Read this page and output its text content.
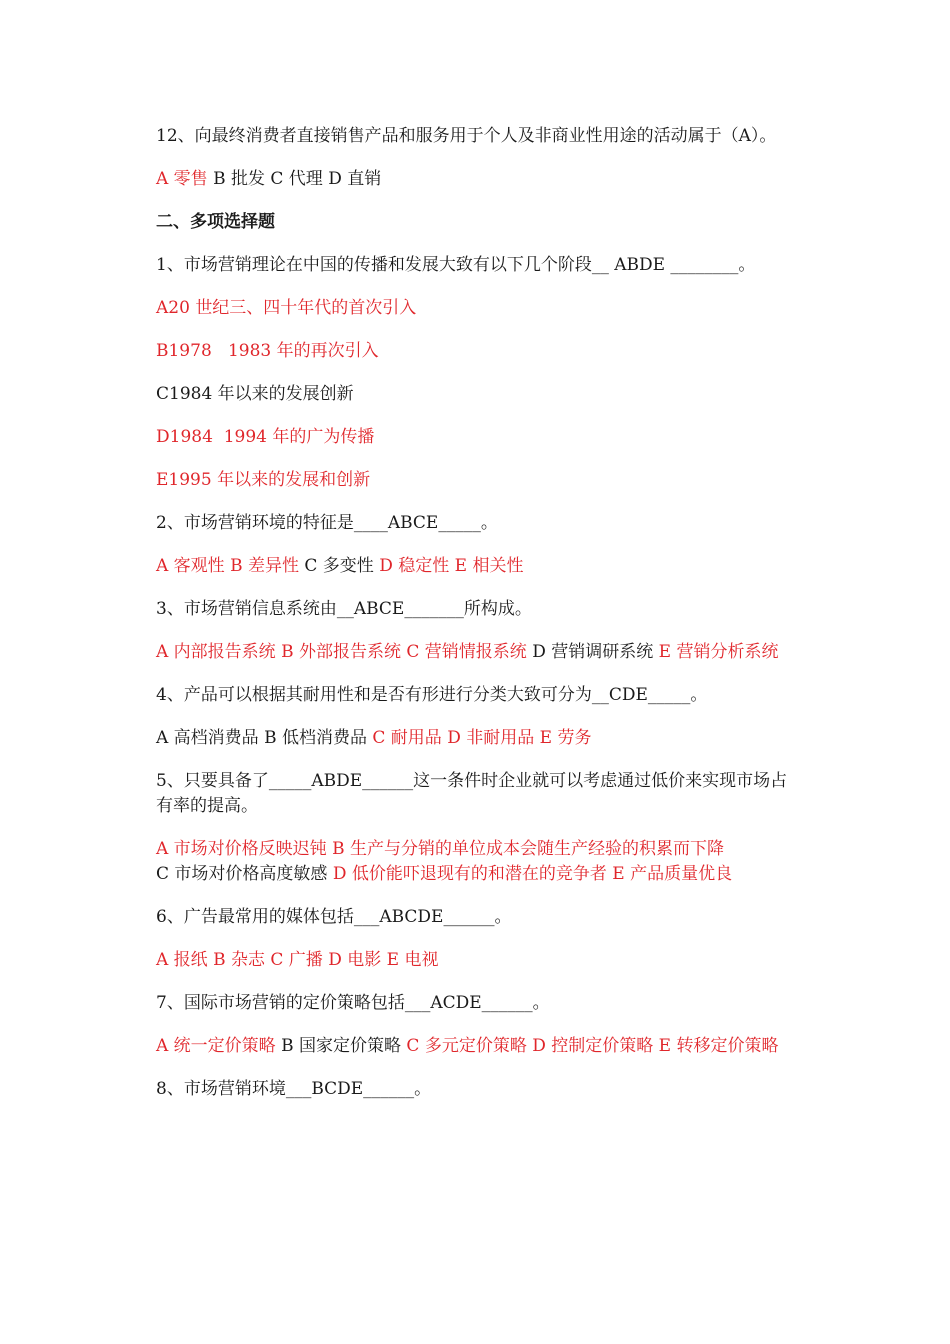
12、向最终消费者直接销售产品和服务用于个人及非商业性用途的活动属于（A）。
A 零售 B 批发 C 代理 D 直销
二、多项选择题
1、市场营销理论在中国的传播和发展大致有以下几个阶段__ ABDE ________。
A20 世纪三、四十年代的首次引入
B1978   1983 年的再次引入
C1984 年以来的发展创新
D1984  1994 年的广为传播
E1995 年以来的发展和创新
2、市场营销环境的特征是____ABCE_____。
A 客观性 B 差异性 C 多变性 D 稳定性 E 相关性
3、市场营销信息系统由__ABCE_______所构成。
A 内部报告系统 B 外部报告系统 C 营销情报系统 D 营销调研系统 E 营销分析系统
4、产品可以根据其耐用性和是否有形进行分类大致可分为__CDE_____。
A 高档消费品 B 低档消费品 C 耐用品 D 非耐用品 E 劳务
5、只要具备了_____ABDE______这一条件时企业就可以考虑通过低价来实现市场占有率的提高。
A 市场对价格反映迟钝 B 生产与分销的单位成本会随生产经验的积累而下降
C 市场对价格高度敏感 D 低价能吓退现有的和潜在的竞争者 E 产品质量优良
6、广告最常用的媒体包括___ABCDE______。
A 报纸 B 杂志 C 广播 D 电影 E 电视
7、国际市场营销的定价策略包括___ACDE______。
A 统一定价策略 B 国家定价策略 C 多元定价策略 D 控制定价策略 E 转移定价策略
8、市场营销环境___BCDE______。
